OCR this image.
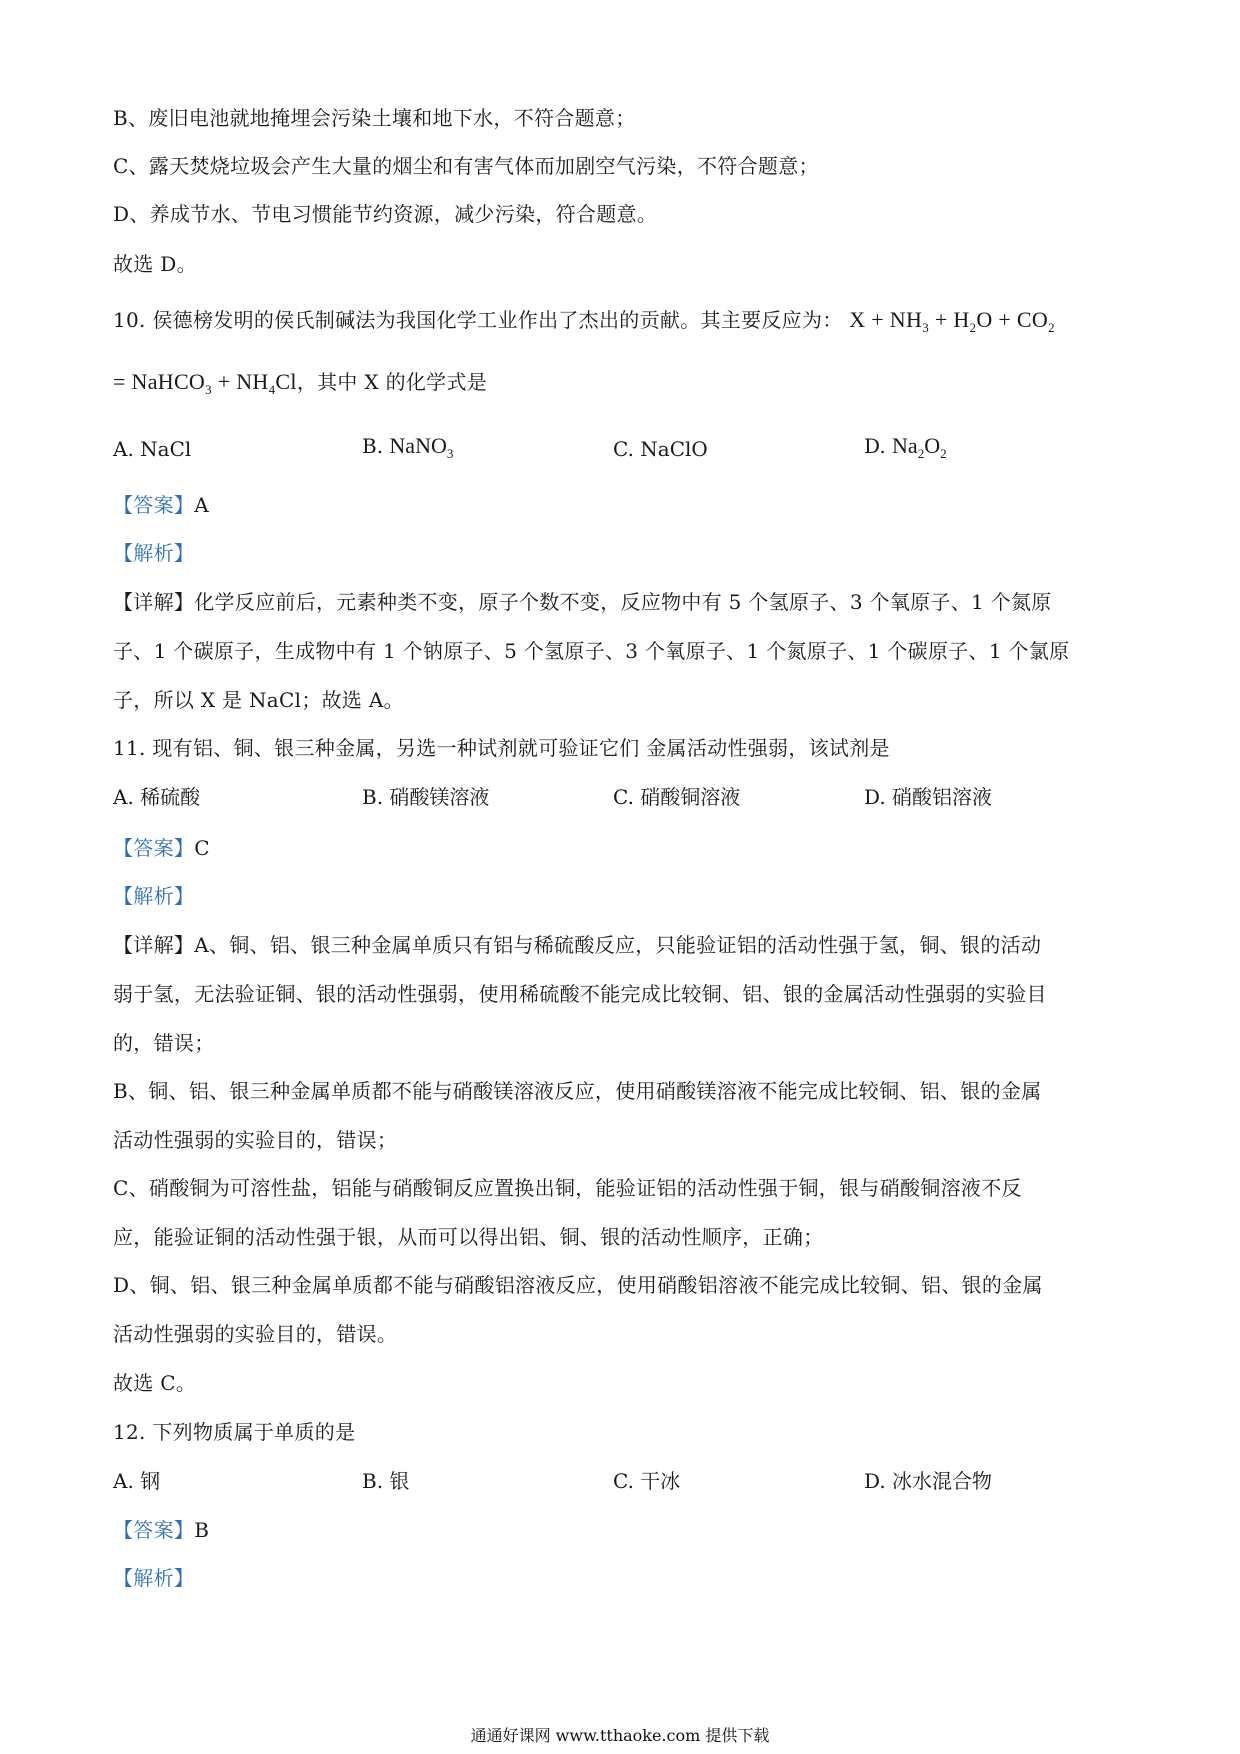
B、废旧电池就地掩埋会污染土壤和地下水，不符合题意；
C、露天焚烧垃圾会产生大量的烟尘和有害气体而加剧空气污染，不符合题意；
D、养成节水、节电习惯能节约资源，减少污染，符合题意。
故选 D。
10. 侯德榜发明的侯氏制碱法为我国化学工业作出了杰出的贡献。其主要反应为： $X + NH_3 + H_2O + CO_2$
= NaHCO$_3$ + $NH_4Cl$，其中 X 的化学式是
A. NaCl	B. NaNO$_3$	C. NaClO	D. $Na_2O_2$
【答案】A
【解析】
【详解】化学反应前后，元素种类不变，原子个数不变，反应物中有 5 个氢原子、3 个氧原子、1 个氮原
子、1 个碳原子，生成物中有 1 个钠原子、5 个氢原子、3 个氧原子、1 个氮原子、1 个碳原子、1 个氯原
子，所以 X 是 NaCl；故选 A。
11. 现有铝、铜、银三种金属，另选一种试剂就可验证它们 金属活动性强弱，该试剂是
A. 稀硫酸	B. 硝酸镁溶液	C. 硝酸铜溶液	D. 硝酸铝溶液
【答案】C
【解析】
【详解】A、铜、铝、银三种金属单质只有铝与稀硫酸反应，只能验证铝的活动性强于氢，铜、银的活动
弱于氢，无法验证铜、银的活动性强弱，使用稀硫酸不能完成比较铜、铝、银的金属活动性强弱的实验目
的，错误；
B、铜、铝、银三种金属单质都不能与硝酸镁溶液反应，使用硝酸镁溶液不能完成比较铜、铝、银的金属
活动性强弱的实验目的，错误；
C、硝酸铜为可溶性盐，铝能与硝酸铜反应置换出铜，能验证铝的活动性强于铜，银与硝酸铜溶液不反
应，能验证铜的活动性强于银，从而可以得出铝、铜、银的活动性顺序，正确；
D、铜、铝、银三种金属单质都不能与硝酸铝溶液反应，使用硝酸铝溶液不能完成比较铜、铝、银的金属
活动性强弱的实验目的，错误。
故选 C。
12. 下列物质属于单质的是
A. 钢	B. 银	C. 干冰	D. 冰水混合物
【答案】B
【解析】
通通好课网 www.tthaoke.com 提供下载
